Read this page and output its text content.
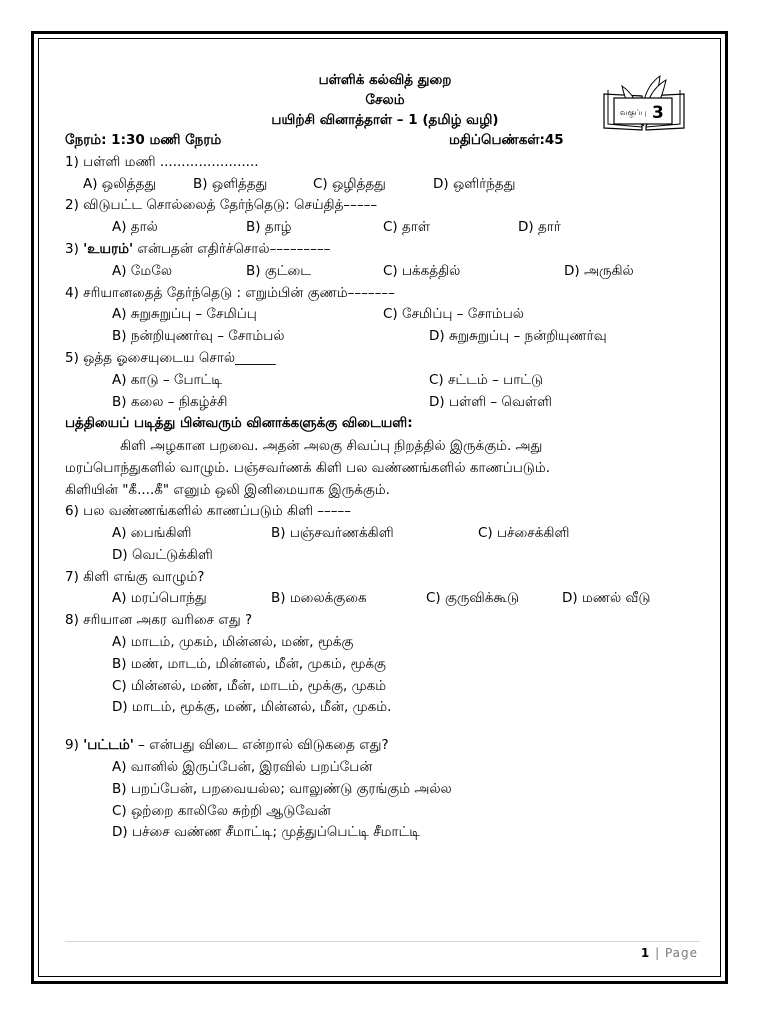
வகுப்பு 3
பள்ளிக் கல்வித் துறை
சேலம்
பயிற்சி வினாத்தாள் – 1 (தமிழ் வழி)
நேரம்: 1:30 மணி நேரம்	மதிப்பெண்கள்:45
1) பள்ளி மணி .......................
A) ஒலித்தது	B) ஒளித்தது	C) ஒழித்தது	D) ஒளிர்ந்தது
2) விடுபட்ட சொல்லைத் தேர்ந்தெடு: செய்தித்–––––
A) தால்	B) தாழ்	C) தாள்	D) தார்
3) 'உயரம்' என்பதன் எதிர்ச்சொல்–––––––––
A) மேலே	B) குட்டை	C) பக்கத்தில்	D) அருகில்
4) சரியானதைத் தேர்ந்தெடு : எறும்பின் குணம்–––––––
A) சுறுசுறுப்பு – சேமிப்பு	C) சேமிப்பு – சோம்பல்
B) நன்றியுணர்வு – சோம்பல்	D) சுறுசுறுப்பு – நன்றியுணர்வு
5) ஒத்த ஓசையுடைய சொல்______
A) காடு – போட்டி	C) சட்டம் – பாட்டு
B) கலை – நிகழ்ச்சி	D) பள்ளி – வெள்ளி
பத்தியைப் படித்து பின்வரும் வினாக்களுக்கு விடையளி:
கிளி அழகான பறவை. அதன் அலகு சிவப்பு நிறத்தில் இருக்கும். அது
மரப்பொந்துகளில் வாழும். பஞ்சவர்ணக் கிளி பல வண்ணங்களில் காணப்படும்.
கிளியின் "கீ....கீ" எனும் ஒலி இனிமையாக இருக்கும்.
6) பல வண்ணங்களில் காணப்படும் கிளி –––––
A) பைங்கிளி	B) பஞ்சவர்ணக்கிளி	C) பச்சைக்கிளி
D) வெட்டுக்கிளி
7) கிளி எங்கு வாழும்?
A) மரப்பொந்து	B) மலைக்குகை	C) குருவிக்கூடு	D) மணல் வீடு
8) சரியான அகர வரிசை எது ?
A) மாடம், முகம், மின்னல், மண், மூக்கு
B) மண், மாடம், மின்னல், மீன், முகம், மூக்கு
C) மின்னல், மண், மீன், மாடம், மூக்கு, முகம்
D) மாடம், மூக்கு, மண், மின்னல், மீன், முகம்.
9) 'பட்டம்' – என்பது விடை என்றால் விடுகதை எது?
A) வானில் இருப்பேன், இரவில் பறப்பேன்
B) பறப்பேன், பறவையல்ல; வாலுண்டு குரங்கும் அல்ல
C) ஒற்றை காலிலே சுற்றி ஆடுவேன்
D) பச்சை வண்ண சீமாட்டி; முத்துப்பெட்டி சீமாட்டி
1 | Page
